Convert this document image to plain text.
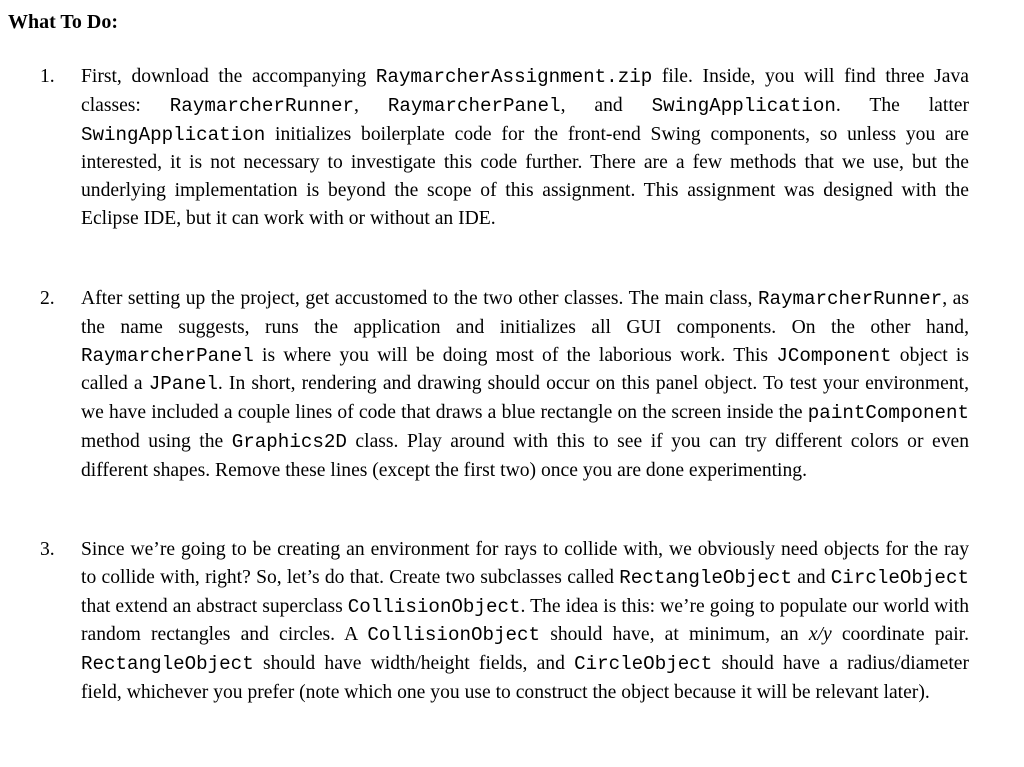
What To Do:
1.	First, download the accompanying RaymarcherAssignment.zip file. Inside, you will find three Java classes: RaymarcherRunner, RaymarcherPanel, and SwingApplication. The latter SwingApplication initializes boilerplate code for the front-end Swing components, so unless you are interested, it is not necessary to investigate this code further. There are a few methods that we use, but the underlying implementation is beyond the scope of this assignment. This assignment was designed with the Eclipse IDE, but it can work with or without an IDE.
2.	After setting up the project, get accustomed to the two other classes. The main class, RaymarcherRunner, as the name suggests, runs the application and initializes all GUI components. On the other hand, RaymarcherPanel is where you will be doing most of the laborious work. This JComponent object is called a JPanel. In short, rendering and drawing should occur on this panel object. To test your environment, we have included a couple lines of code that draws a blue rectangle on the screen inside the paintComponent method using the Graphics2D class. Play around with this to see if you can try different colors or even different shapes. Remove these lines (except the first two) once you are done experimenting.
3.	Since we’re going to be creating an environment for rays to collide with, we obviously need objects for the ray to collide with, right? So, let’s do that. Create two subclasses called RectangleObject and CircleObject that extend an abstract superclass CollisionObject. The idea is this: we’re going to populate our world with random rectangles and circles. A CollisionObject should have, at minimum, an x/y coordinate pair. RectangleObject should have width/height fields, and CircleObject should have a radius/diameter field, whichever you prefer (note which one you use to construct the object because it will be relevant later).
